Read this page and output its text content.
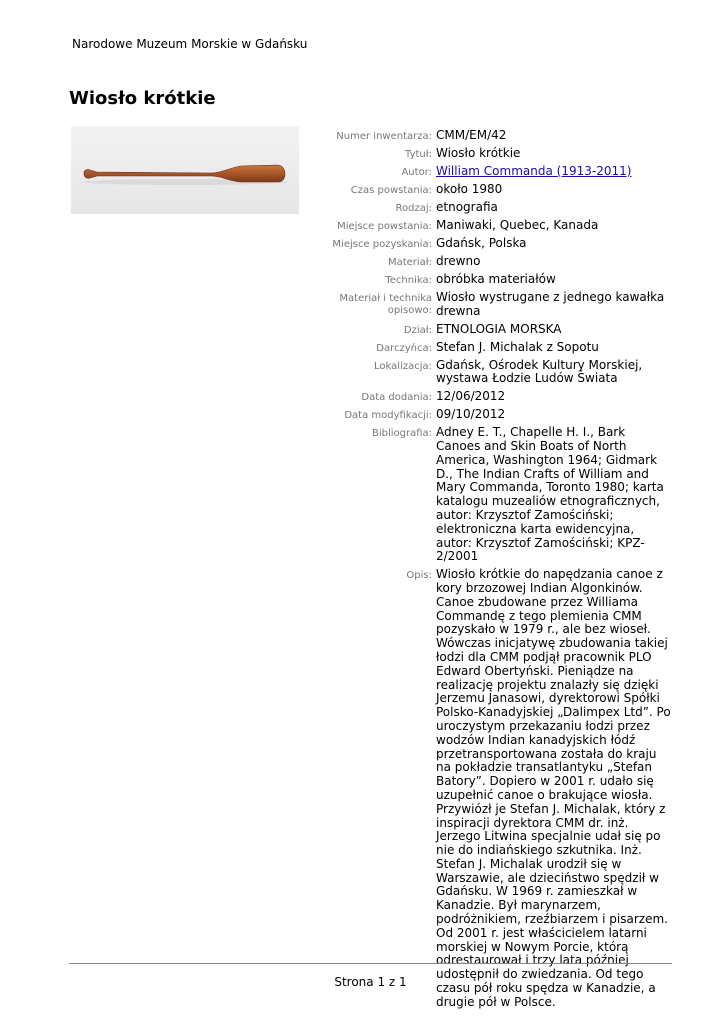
Narodowe Muzeum Morskie w Gdańsku
Wiosło krótkie
Numer inwentarza: CMM/EM/42
Tytuł: Wiosło krótkie
Autor: William Commanda (1913-2011)
Czas powstania: około 1980
Rodzaj: etnografia
Miejsce powstania: Maniwaki, Quebec, Kanada
Miejsce pozyskania: Gdańsk, Polska
Materiał: drewno
Technika: obróbka materiałów
Materiał i technika opisowo:
Wiosło wystrugane z jednego kawałka drewna
Dział: ETNOLOGIA MORSKA
Darczyńca: Stefan J. Michalak z Sopotu
Lokalizacja: Gdańsk, Ośrodek Kultury Morskiej, wystawa Łodzie Ludów Świata
Data dodania: 12/06/2012
Data modyfikacji: 09/10/2012
Bibliografia: Adney E. T., Chapelle H. I., Bark Canoes and Skin Boats of North America, Washington 1964; Gidmark D., The Indian Crafts of William and Mary Commanda, Toronto 1980; karta katalogu muzealiów etnograficznych, autor: Krzysztof Zamościński; elektroniczna karta ewidencyjna, autor: Krzysztof Zamościński; KPZ-2/2001
Opis: Wiosło krótkie do napędzania canoe z kory brzozowej Indian Algonkinów. Canoe zbudowane przez Williama Commandę z tego plemienia CMM pozyskało w 1979 r., ale bez wioseł. Wówczas inicjatywę zbudowania takiej łodzi dla CMM podjął pracownik PLO Edward Obertyński. Pieniądze na realizację projektu znalazły się dzięki Jerzemu Janasowi, dyrektorowi Spółki Polsko-Kanadyjskiej „Dalimpex Ltd”. Po uroczystym przekazaniu łodzi przez wodzów Indian kanadyjskich łódź przetransportowana została do kraju na pokładzie transatlantyku „Stefan Batory”. Dopiero w 2001 r. udało się uzupełnić canoe o brakujące wiosła. Przywiózł je Stefan J. Michalak, który z inspiracji dyrektora CMM dr. inż. Jerzego Litwina specjalnie udał się po nie do indiańskiego szkutnika. Inż. Stefan J. Michalak urodził się w Warszawie, ale dzieciństwo spędził w Gdańsku. W 1969 r. zamieszkał w Kanadzie. Był marynarzem, podróżnikiem, rzeźbiarzem i pisarzem. Od 2001 r. jest właścicielem latarni morskiej w Nowym Porcie, którą odrestaurował i trzy lata później udostępnił do zwiedzania. Od tego czasu pół roku spędza w Kanadzie, a drugie pół w Polsce.
Strona 1 z 1
